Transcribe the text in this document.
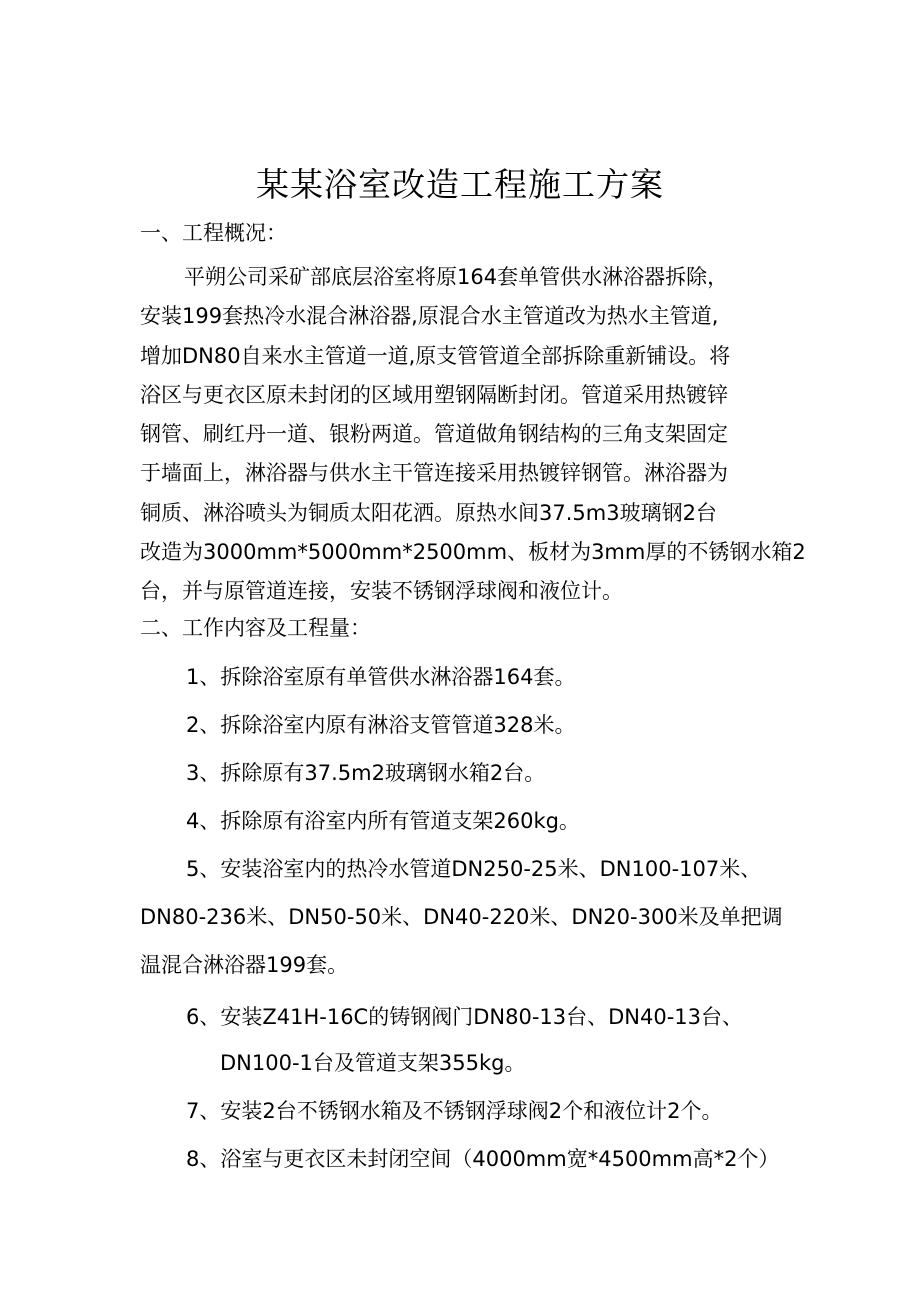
某某浴室改造工程施工方案
一、工程概况：
平朔公司采矿部底层浴室将原164套单管供水淋浴器拆除，
安装199套热冷水混合淋浴器,原混合水主管道改为热水主管道,
增加DN80自来水主管道一道,原支管管道全部拆除重新铺设。将
浴区与更衣区原未封闭的区域用塑钢隔断封闭。管道采用热镀锌
钢管、刷红丹一道、银粉两道。管道做角钢结构的三角支架固定
于墙面上，淋浴器与供水主干管连接采用热镀锌钢管。淋浴器为
铜质、淋浴喷头为铜质太阳花洒。原热水间37.5m3玻璃钢2台
改造为3000mm*5000mm*2500mm、板材为3mm厚的不锈钢水箱2
台，并与原管道连接，安装不锈钢浮球阀和液位计。
二、工作内容及工程量：
1、拆除浴室原有单管供水淋浴器164套。
2、拆除浴室内原有淋浴支管管道328米。
3、拆除原有37.5m2玻璃钢水箱2台。
4、拆除原有浴室内所有管道支架260kg。
5、安装浴室内的热冷水管道DN250-25米、DN100-107米、
DN80-236米、DN50-50米、DN40-220米、DN20-300米及单把调
温混合淋浴器199套。
6、安装Z41H-16C的铸钢阀门DN80-13台、DN40-13台、
DN100-1台及管道支架355kg。
7、安装2台不锈钢水箱及不锈钢浮球阀2个和液位计2个。
8、浴室与更衣区未封闭空间（4000mm宽*4500mm高*2个）
